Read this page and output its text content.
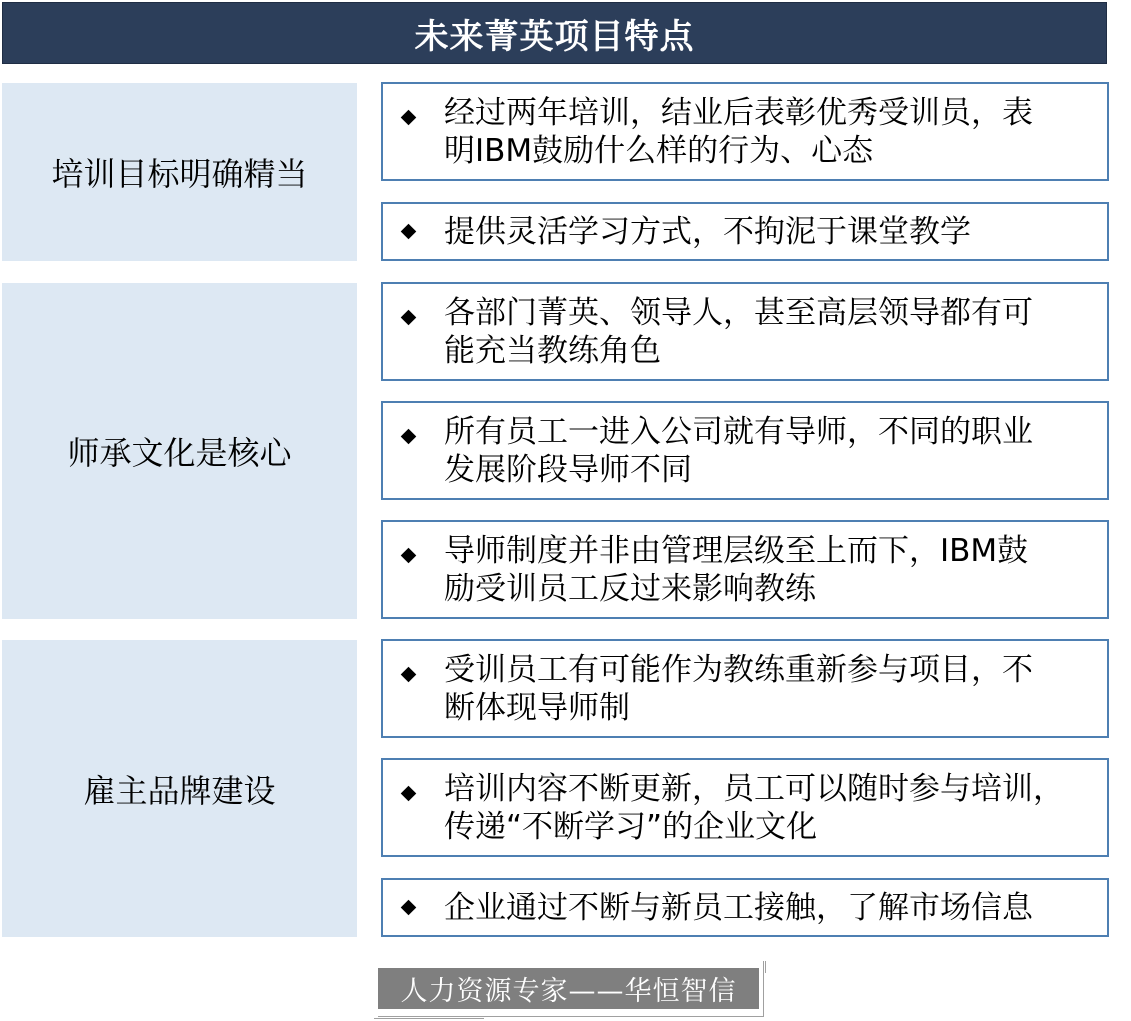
未来菁英项目特点
培训目标明确精当
经过两年培训，结业后表彰优秀受训员，表
明IBM鼓励什么样的行为、心态
提供灵活学习方式，不拘泥于课堂教学
师承文化是核心
各部门菁英、领导人，甚至高层领导都有可
能充当教练角色
所有员工一进入公司就有导师，不同的职业
发展阶段导师不同
导师制度并非由管理层级至上而下，IBM鼓
励受训员工反过来影响教练
雇主品牌建设
受训员工有可能作为教练重新参与项目，不
断体现导师制
培训内容不断更新，员工可以随时参与培训，
传递“不断学习”的企业文化
企业通过不断与新员工接触，了解市场信息
人力资源专家——华恒智信
